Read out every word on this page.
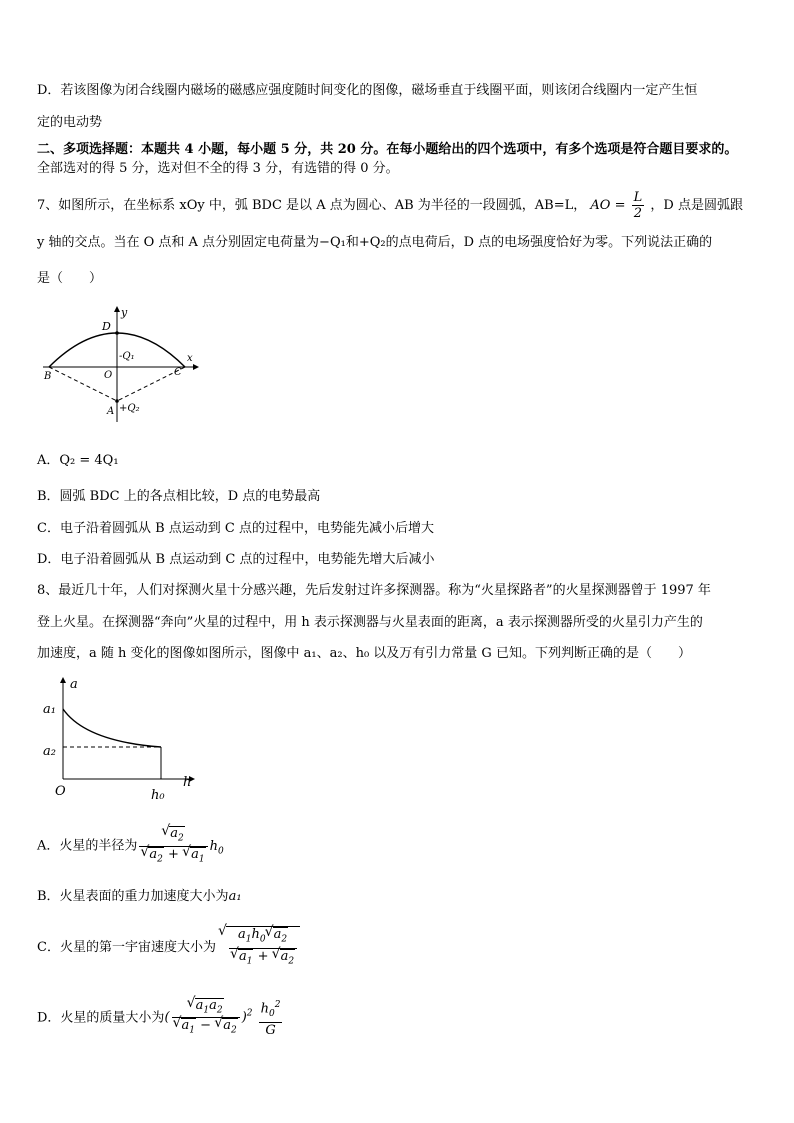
D．若该图像为闭合线圈内磁场的磁感应强度随时间变化的图像，磁场垂直于线圈平面，则该闭合线圈内一定产生恒
定的电动势
二、多项选择题：本题共 4 小题，每小题 5 分，共 20 分。在每小题给出的四个选项中，有多个选项是符合题目要求的。
全部选对的得 5 分，选对但不全的得 3 分，有选错的得 0 分。
7、如图所示，在坐标系 xOy 中，弧 BDC 是以 A 点为圆心、AB 为半径的一段圆弧，AB=L， AO = $\frac{L}{2}$ ，D 点是圆弧跟
y 轴的交点。当在 O 点和 A 点分别固定电荷量为−Q₁和+Q₂的点电荷后，D 点的电场强度恰好为零。下列说法正确的
是（　　）
D
y
x
-Q₁
O
B	C
A +Q₂
A．Q₂ = 4Q₁
B．圆弧 BDC 上的各点相比较，D 点的电势最高
C．电子沿着圆弧从 B 点运动到 C 点的过程中，电势能先减小后增大
D．电子沿着圆弧从 B 点运动到 C 点的过程中，电势能先增大后减小
8、最近几十年，人们对探测火星十分感兴趣，先后发射过许多探测器。称为“火星探路者”的火星探测器曾于 1997 年
登上火星。在探测器“奔向”火星的过程中，用 h 表示探测器与火星表面的距离，a 表示探测器所受的火星引力产生的
加速度，a 随 h 变化的图像如图所示，图像中 a₁、a₂、h₀ 以及万有引力常量 G 已知。下列判断正确的是（　　）
a
a₁
a₂
h
O	h₀
A．火星的半径为
√ $a_2$
√ $a_2$ + √ $a_1$ $h_0$
B．火星表面的重力加速度大小为a₁
C．火星的第一宇宙速度大小为
√ $a_1h_0√$ $a_2$
√ $a_1$ + √ $a_2$
D．火星的质量大小为(
√ $a_1a_2$
√ $a_1$ − √ $a_2$ )$^2 \frac{h_0^2}{G}$
